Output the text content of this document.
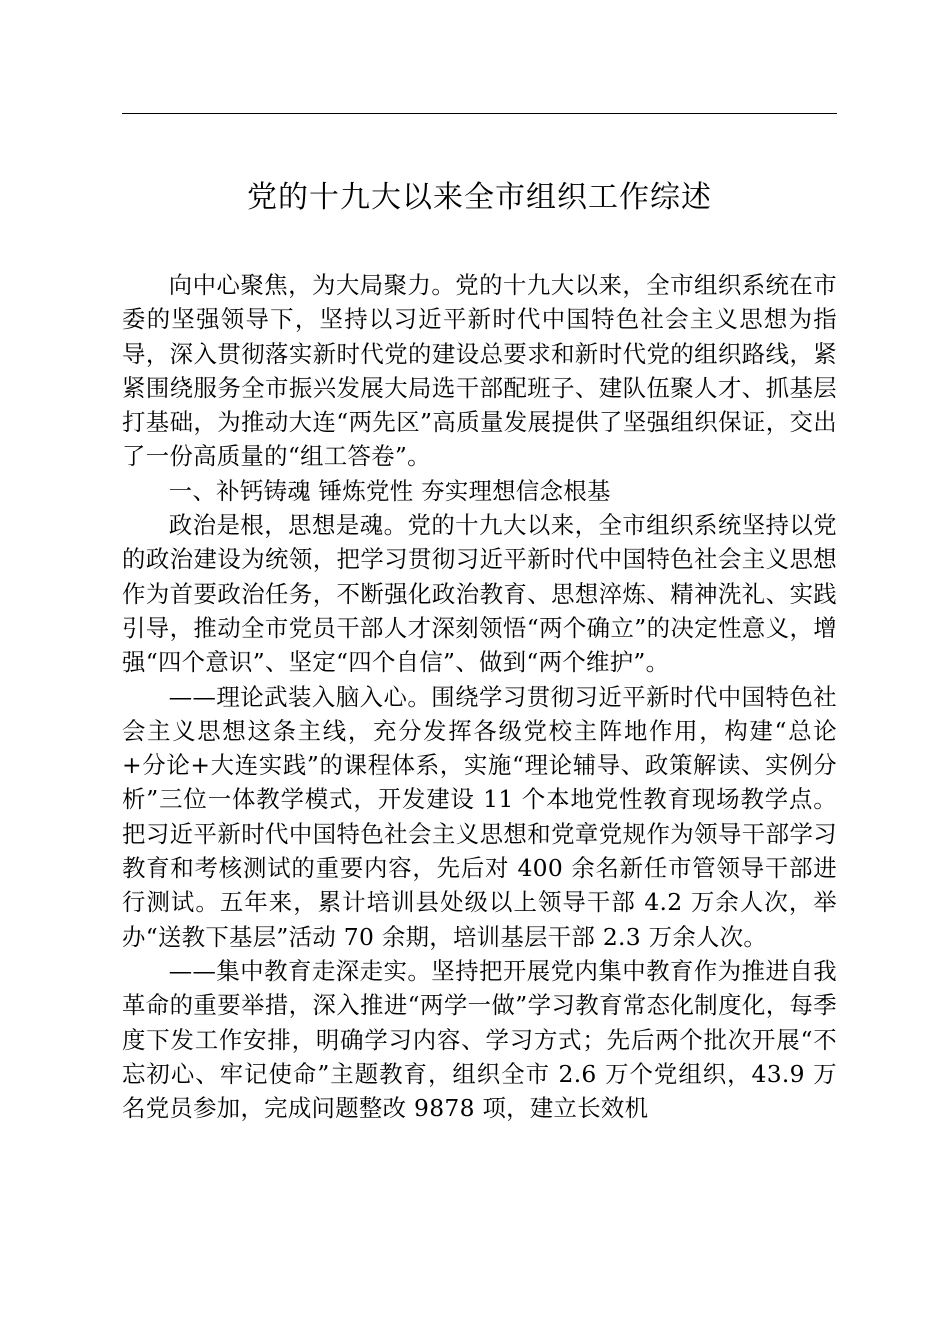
党的十九大以来全市组织工作综述

向中心聚焦，为大局聚力。党的十九大以来，全市组织系统在市委的坚强领导下，坚持以习近平新时代中国特色社会主义思想为指导，深入贯彻落实新时代党的建设总要求和新时代党的组织路线，紧紧围绕服务全市振兴发展大局选干部配班子、建队伍聚人才、抓基层打基础，为推动大连“两先区”高质量发展提供了坚强组织保证，交出了一份高质量的“组工答卷”。

一、补钙铸魂 锤炼党性 夯实理想信念根基

政治是根，思想是魂。党的十九大以来，全市组织系统坚持以党的政治建设为统领，把学习贯彻习近平新时代中国特色社会主义思想作为首要政治任务，不断强化政治教育、思想淬炼、精神洗礼、实践引导，推动全市党员干部人才深刻领悟“两个确立”的决定性意义，增强“四个意识”、坚定“四个自信”、做到“两个维护”。

——理论武装入脑入心。围绕学习贯彻习近平新时代中国特色社会主义思想这条主线，充分发挥各级党校主阵地作用，构建“总论+分论+大连实践”的课程体系，实施“理论辅导、政策解读、实例分析”三位一体教学模式，开发建设 11 个本地党性教育现场教学点。把习近平新时代中国特色社会主义思想和党章党规作为领导干部学习教育和考核测试的重要内容，先后对 400 余名新任市管领导干部进行测试。五年来，累计培训县处级以上领导干部 4.2 万余人次，举办“送教下基层”活动 70 余期，培训基层干部 2.3 万余人次。

——集中教育走深走实。坚持把开展党内集中教育作为推进自我革命的重要举措，深入推进“两学一做”学习教育常态化制度化，每季度下发工作安排，明确学习内容、学习方式；先后两个批次开展“不忘初心、牢记使命”主题教育，组织全市 2.6 万个党组织，43.9 万名党员参加，完成问题整改 9878 项，建立长效机
